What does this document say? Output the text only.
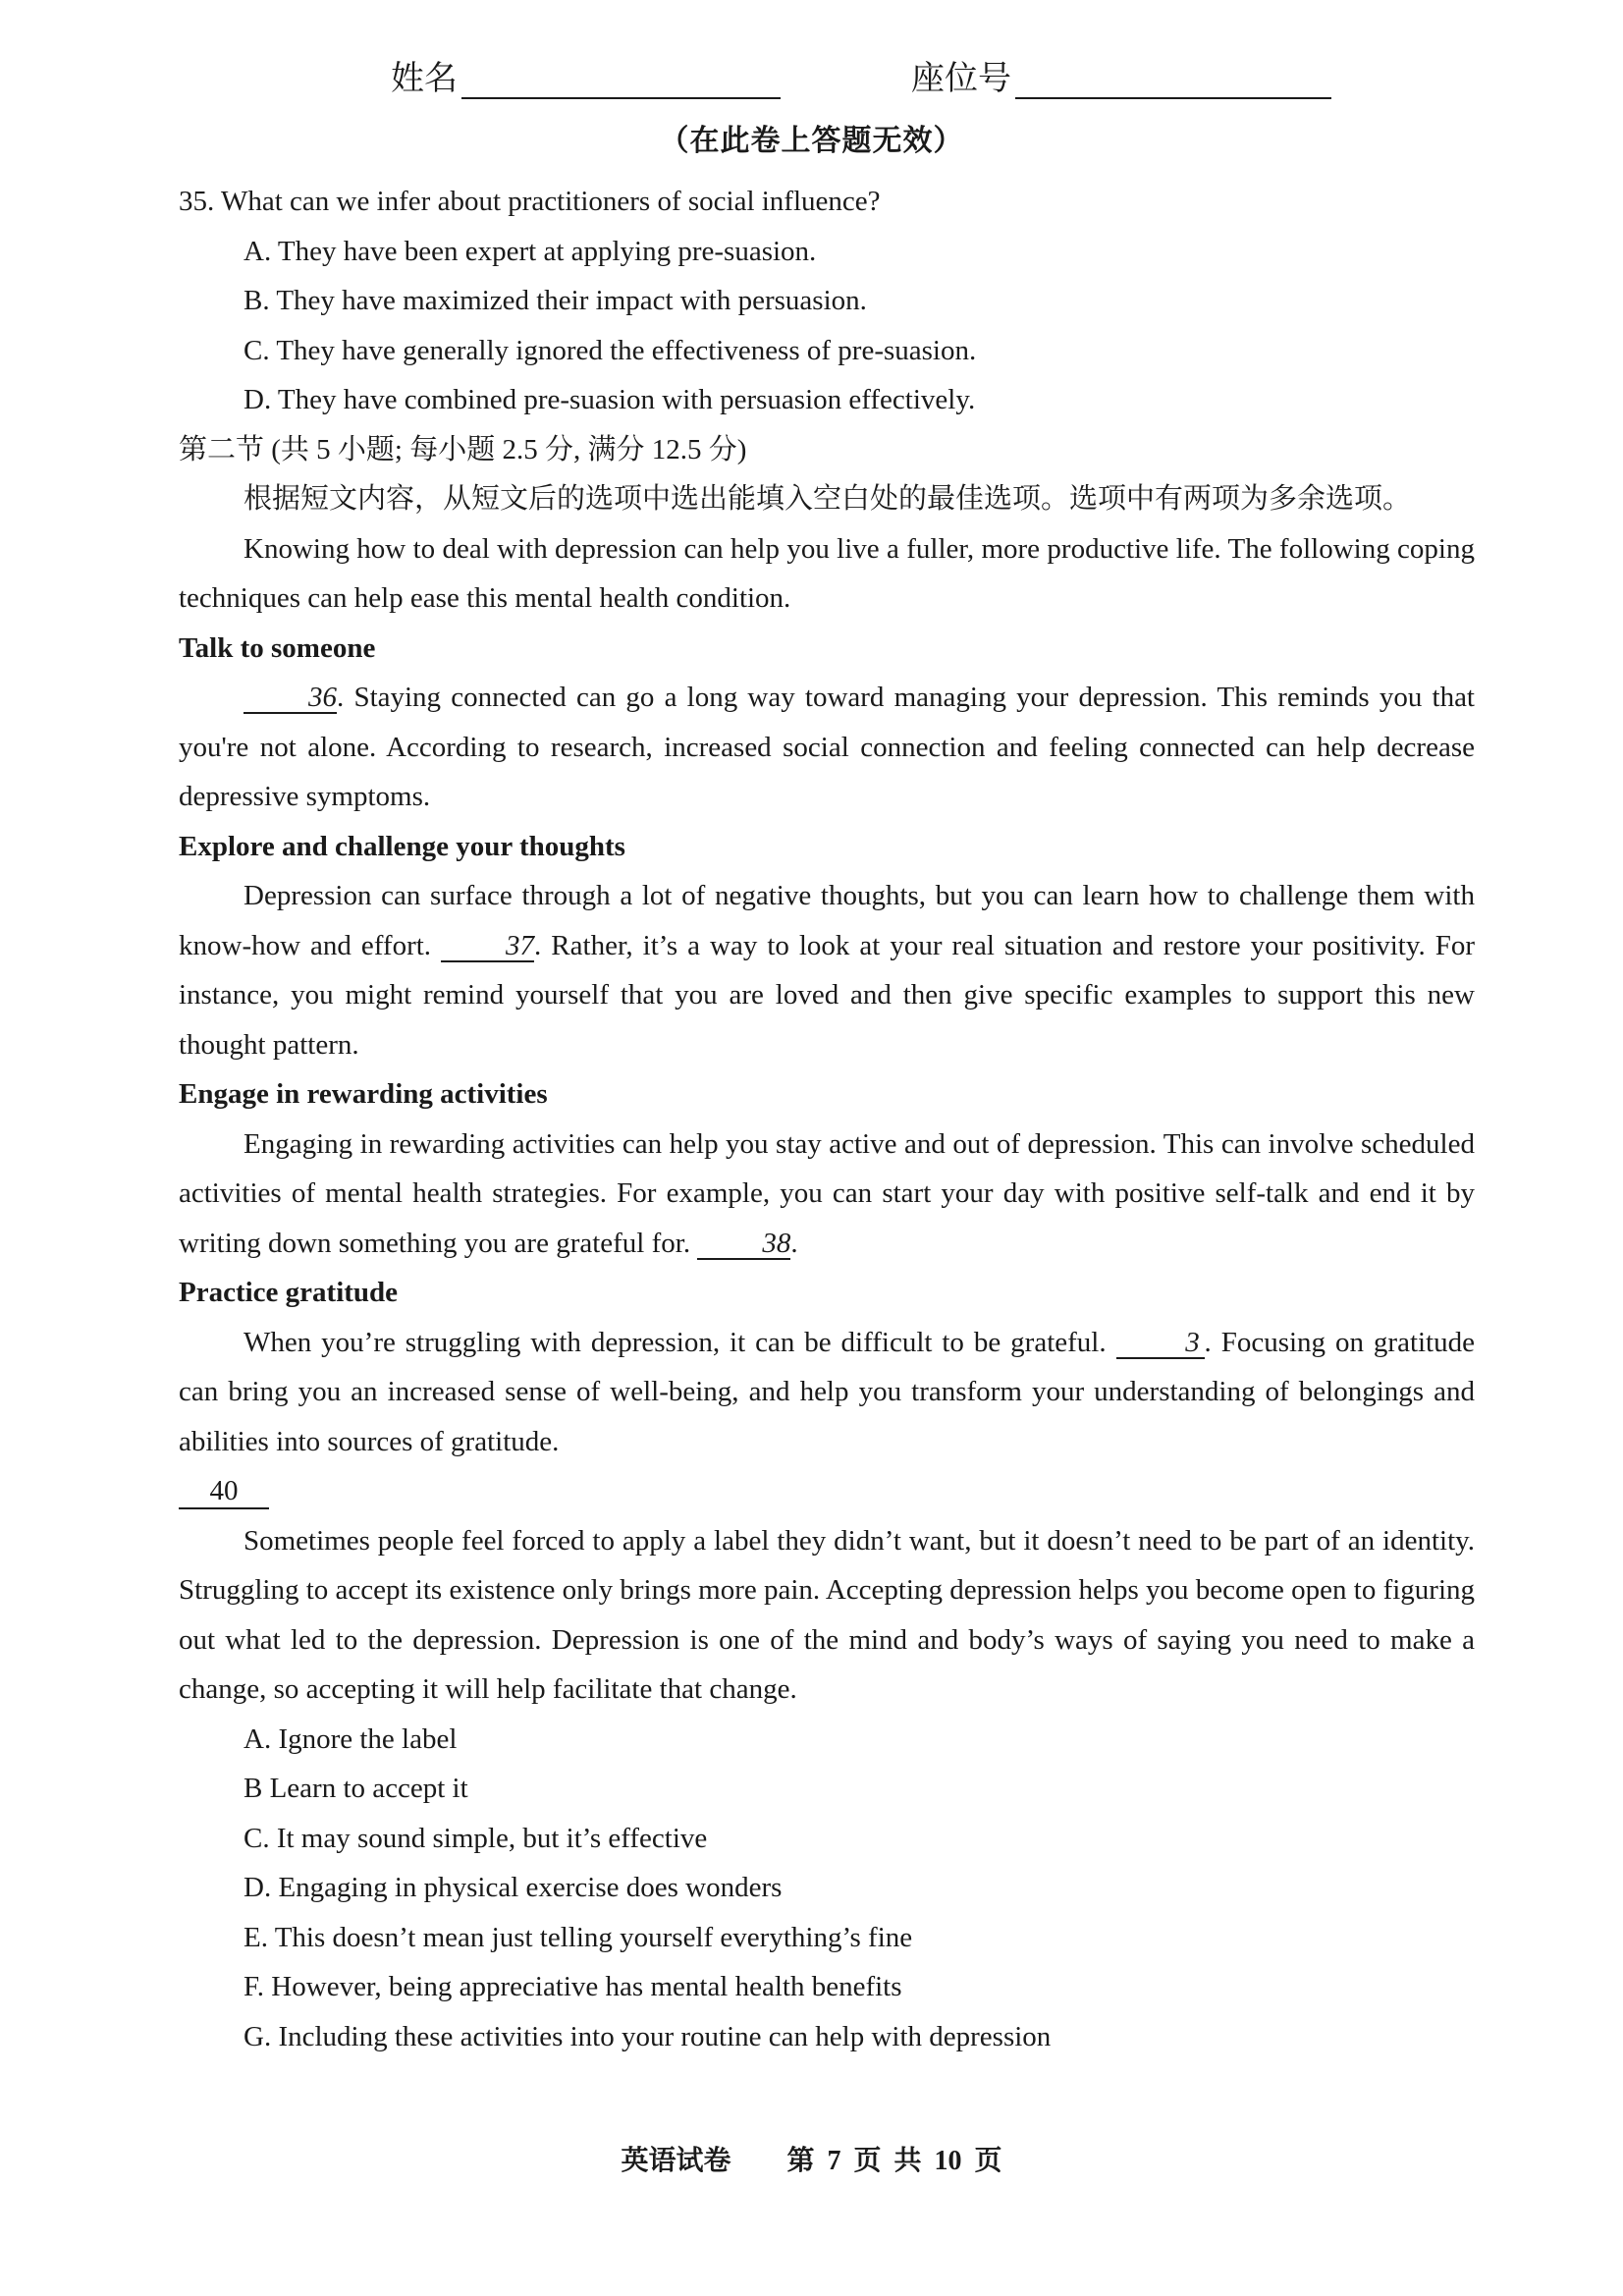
姓名	座位号
（在此卷上答题无效）

35. What can we infer about practitioners of social influence?

A. They have been expert at applying pre-suasion.

B. They have maximized their impact with persuasion.

C. They have generally ignored the effectiveness of pre-suasion.

D. They have combined pre-suasion with persuasion effectively.

第二节 (共 5 小题; 每小题 2.5 分, 满分 12.5 分)

根据短文内容，从短文后的选项中选出能填入空白处的最佳选项。选项中有两项为多余选项。

Knowing how to deal with depression can help you live a fuller, more productive life. The following coping techniques can help ease this mental health condition.

Talk to someone

36. Staying connected can go a long way toward managing your depression. This reminds you that you're not alone. According to research, increased social connection and feeling connected can help decrease depressive symptoms.

Explore and challenge your thoughts

Depression can surface through a lot of negative thoughts, but you can learn how to challenge them with know-how and effort.	37. Rather, it’s a way to look at your real situation and restore your positivity. For instance, you might remind yourself that you are loved and then give specific examples to support this new thought pattern.

Engage in rewarding activities

Engaging in rewarding activities can help you stay active and out of depression. This can involve scheduled activities of mental health strategies. For example, you can start your day with positive self-talk and end it by writing down something you are grateful for.	38.

Practice gratitude

When you’re struggling with depression, it can be difficult to be grateful.	3 . Focusing on gratitude can bring you an increased sense of well-being, and help you transform your understanding of belongings and abilities into sources of gratitude.

40

Sometimes people feel forced to apply a label they didn’t want, but it doesn’t need to be part of an identity. Struggling to accept its existence only brings more pain. Accepting depression helps you become open to figuring out what led to the depression. Depression is one of the mind and body’s ways of saying you need to make a change, so accepting it will help facilitate that change.

A. Ignore the label

B Learn to accept it

C. It may sound simple, but it’s effective

D. Engaging in physical exercise does wonders

E. This doesn’t mean just telling yourself everything’s fine

F. However, being appreciative has mental health benefits

G. Including these activities into your routine can help with depression

英语试卷 第 7 页 共 10 页
